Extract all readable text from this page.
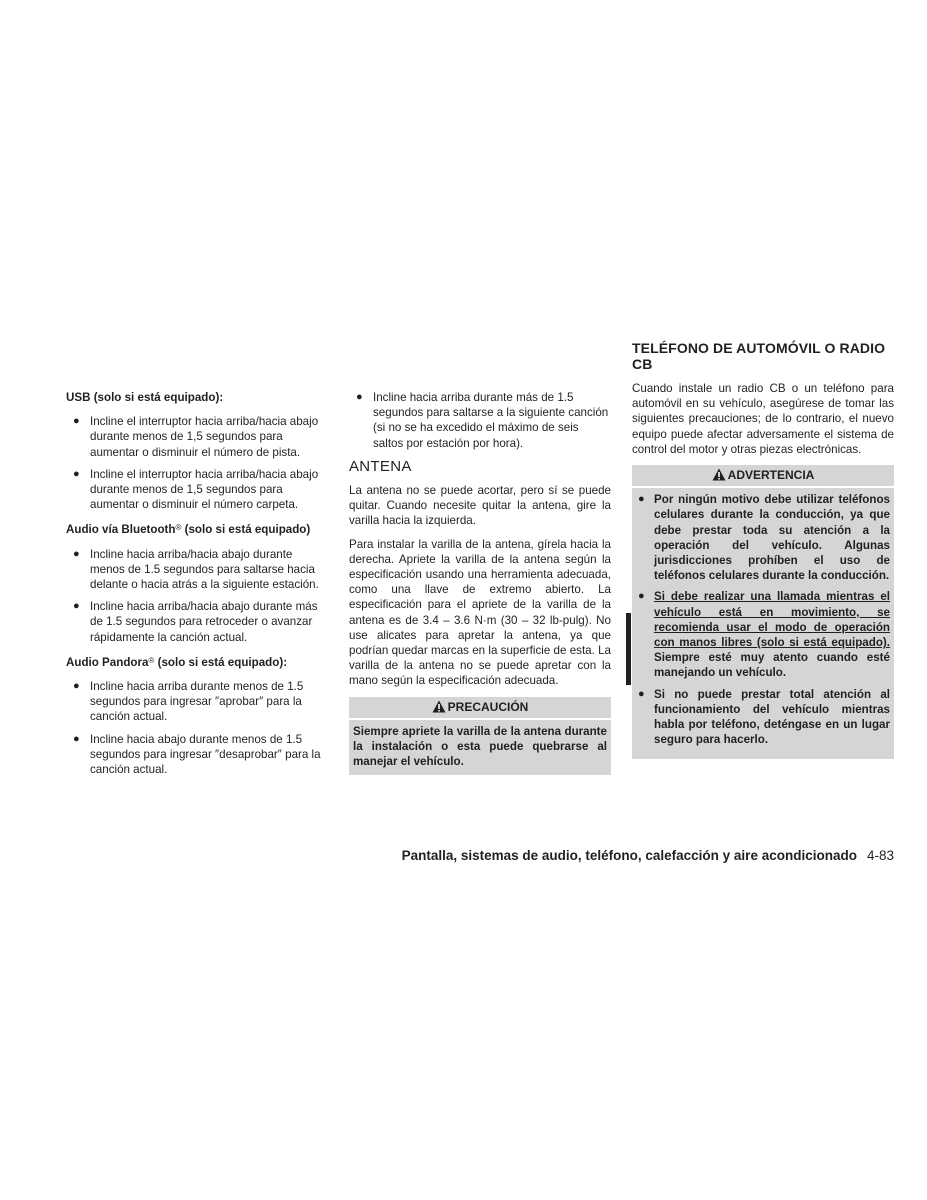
USB (solo si está equipado):
● Incline el interruptor hacia arriba/hacia abajo durante menos de 1,5 segundos para aumentar o disminuir el número de pista.
● Incline el interruptor hacia arriba/hacia abajo durante menos de 1,5 segundos para aumentar o disminuir el número carpeta.
Audio vía Bluetooth® (solo si está equipado)
● Incline hacia arriba/hacia abajo durante menos de 1.5 segundos para saltarse hacia delante o hacia atrás a la siguiente estación.
● Incline hacia arriba/hacia abajo durante más de 1.5 segundos para retroceder o avanzar rápidamente la canción actual.
Audio Pandora® (solo si está equipado):
● Incline hacia arriba durante menos de 1.5 segundos para ingresar ″aprobar″ para la canción actual.
● Incline hacia abajo durante menos de 1.5 segundos para ingresar ″desaprobar″ para la canción actual.
● Incline hacia arriba durante más de 1.5 segundos para saltarse a la siguiente canción (si no se ha excedido el máximo de seis saltos por estación por hora).
ANTENA

La antena no se puede acortar, pero sí se puede quitar. Cuando necesite quitar la antena, gire la varilla hacia la izquierda.

Para instalar la varilla de la antena, gírela hacia la derecha. Apriete la varilla de la antena según la especificación usando una herramienta adecuada, como una llave de extremo abierto. La especificación para el apriete de la varilla de la antena es de 3.4 – 3.6 N·m (30 – 32 lb-pulg). No use alicates para apretar la antena, ya que podrían quedar marcas en la superficie de esta. La varilla de la antena no se puede apretar con la mano según la especificación adecuada.

PRECAUCIÓN
Siempre apriete la varilla de la antena durante la instalación o esta puede quebrarse al manejar el vehículo.
TELÉFONO DE AUTOMÓVIL O RADIO CB

Cuando instale un radio CB o un teléfono para automóvil en su vehículo, asegúrese de tomar las siguientes precauciones; de lo contrario, el nuevo equipo puede afectar adversamente el sistema de control del motor y otras piezas electrónicas.

ADVERTENCIA
● Por ningún motivo debe utilizar teléfonos celulares durante la conducción, ya que debe prestar toda su atención a la operación del vehículo. Algunas jurisdicciones prohíben el uso de teléfonos celulares durante la conducción.
● Si debe realizar una llamada mientras el vehículo está en movimiento, se recomienda usar el modo de operación con manos libres (solo si está equipado). Siempre esté muy atento cuando esté manejando un vehículo.
● Si no puede prestar total atención al funcionamiento del vehículo mientras habla por teléfono, deténgase en un lugar seguro para hacerlo.
Pantalla, sistemas de audio, teléfono, calefacción y aire acondicionado 4-83
